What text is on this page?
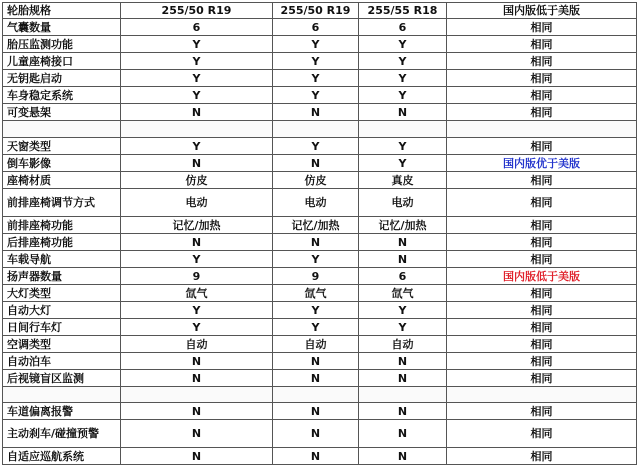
轮胎规格	255/50 R19	255/50 R19	255/55 R18	国内版低于美版
气囊数量	6	6	6	相同
胎压监测功能	Y	Y	Y	相同
儿童座椅接口	Y	Y	Y	相同
无钥匙启动	Y	Y	Y	相同
车身稳定系统	Y	Y	Y	相同
可变悬架	N	N	N	相同

天窗类型	Y	Y	Y	相同
倒车影像	N	N	Y	国内版优于美版
座椅材质	仿皮	仿皮	真皮	相同
前排座椅调节方式	电动	电动	电动	相同
前排座椅功能	记忆/加热	记忆/加热	记忆/加热	相同
后排座椅功能	N	N	N	相同
车载导航	Y	Y	N	相同
扬声器数量	9	9	6	国内版低于美版
大灯类型	氙气	氙气	氙气	相同
自动大灯	Y	Y	Y	相同
日间行车灯	Y	Y	Y	相同
空调类型	自动	自动	自动	相同
自动泊车	N	N	N	相同
后视镜盲区监测	N	N	N	相同

车道偏离报警	N	N	N	相同
主动刹车/碰撞预警	N	N	N	相同
自适应巡航系统	N	N	N	相同
